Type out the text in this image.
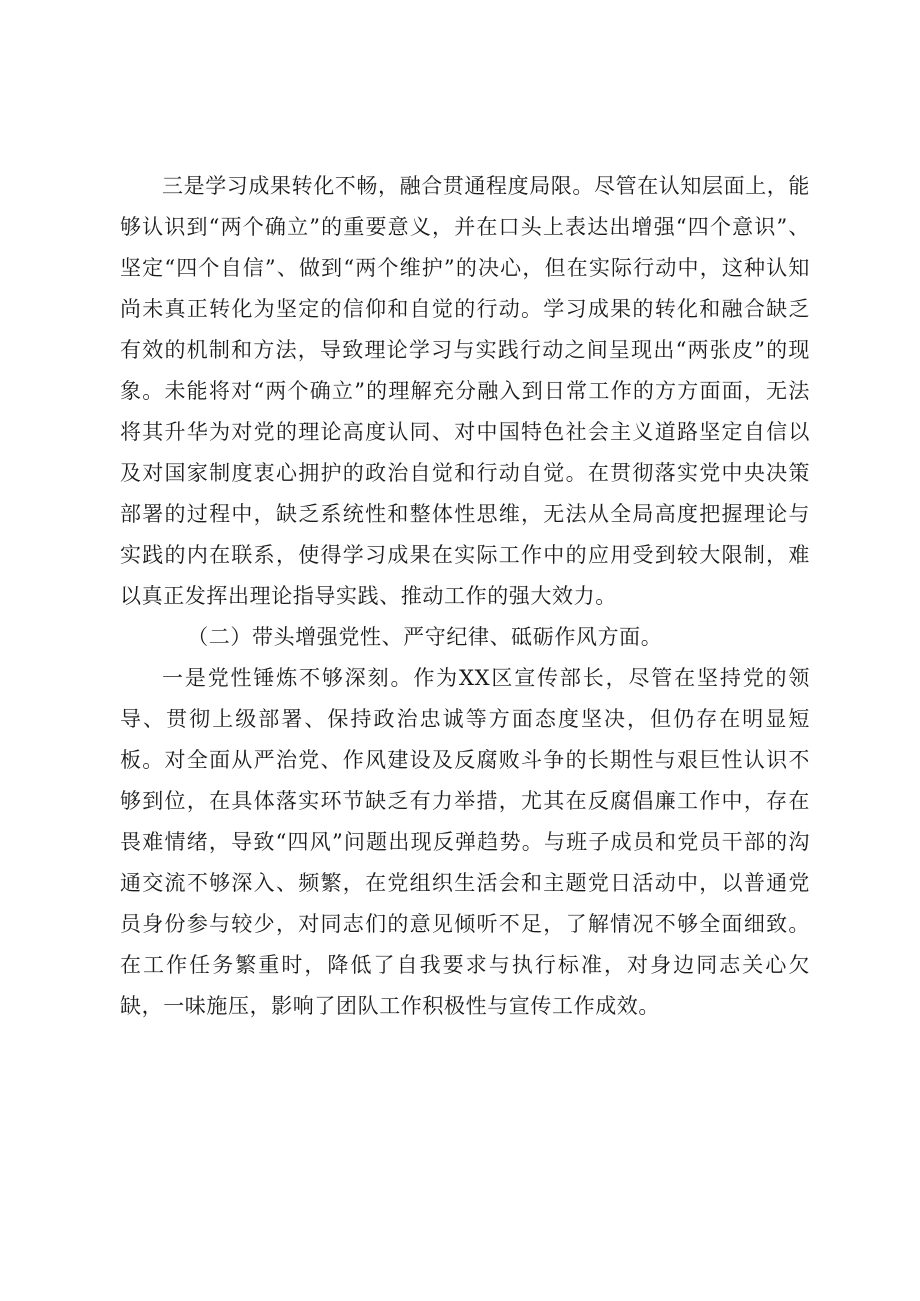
三是学习成果转化不畅，融合贯通程度局限。尽管在认知层面上，能够认识到“两个确立”的重要意义，并在口头上表达出增强“四个意识”、坚定“四个自信”、做到“两个维护”的决心，但在实际行动中，这种认知尚未真正转化为坚定的信仰和自觉的行动。学习成果的转化和融合缺乏有效的机制和方法，导致理论学习与实践行动之间呈现出“两张皮”的现象。未能将对“两个确立”的理解充分融入到日常工作的方方面面，无法将其升华为对党的理论高度认同、对中国特色社会主义道路坚定自信以及对国家制度衷心拥护的政治自觉和行动自觉。在贯彻落实党中央决策部署的过程中，缺乏系统性和整体性思维，无法从全局高度把握理论与实践的内在联系，使得学习成果在实际工作中的应用受到较大限制，难以真正发挥出理论指导实践、推动工作的强大效力。

（二）带头增强党性、严守纪律、砥砺作风方面。

一是党性锤炼不够深刻。作为XX区宣传部长，尽管在坚持党的领导、贯彻上级部署、保持政治忠诚等方面态度坚决，但仍存在明显短板。对全面从严治党、作风建设及反腐败斗争的长期性与艰巨性认识不够到位，在具体落实环节缺乏有力举措，尤其在反腐倡廉工作中，存在畏难情绪，导致“四风”问题出现反弹趋势。与班子成员和党员干部的沟通交流不够深入、频繁，在党组织生活会和主题党日活动中，以普通党员身份参与较少，对同志们的意见倾听不足，了解情况不够全面细致。在工作任务繁重时，降低了自我要求与执行标准，对身边同志关心欠缺，一味施压，影响了团队工作积极性与宣传工作成效。
